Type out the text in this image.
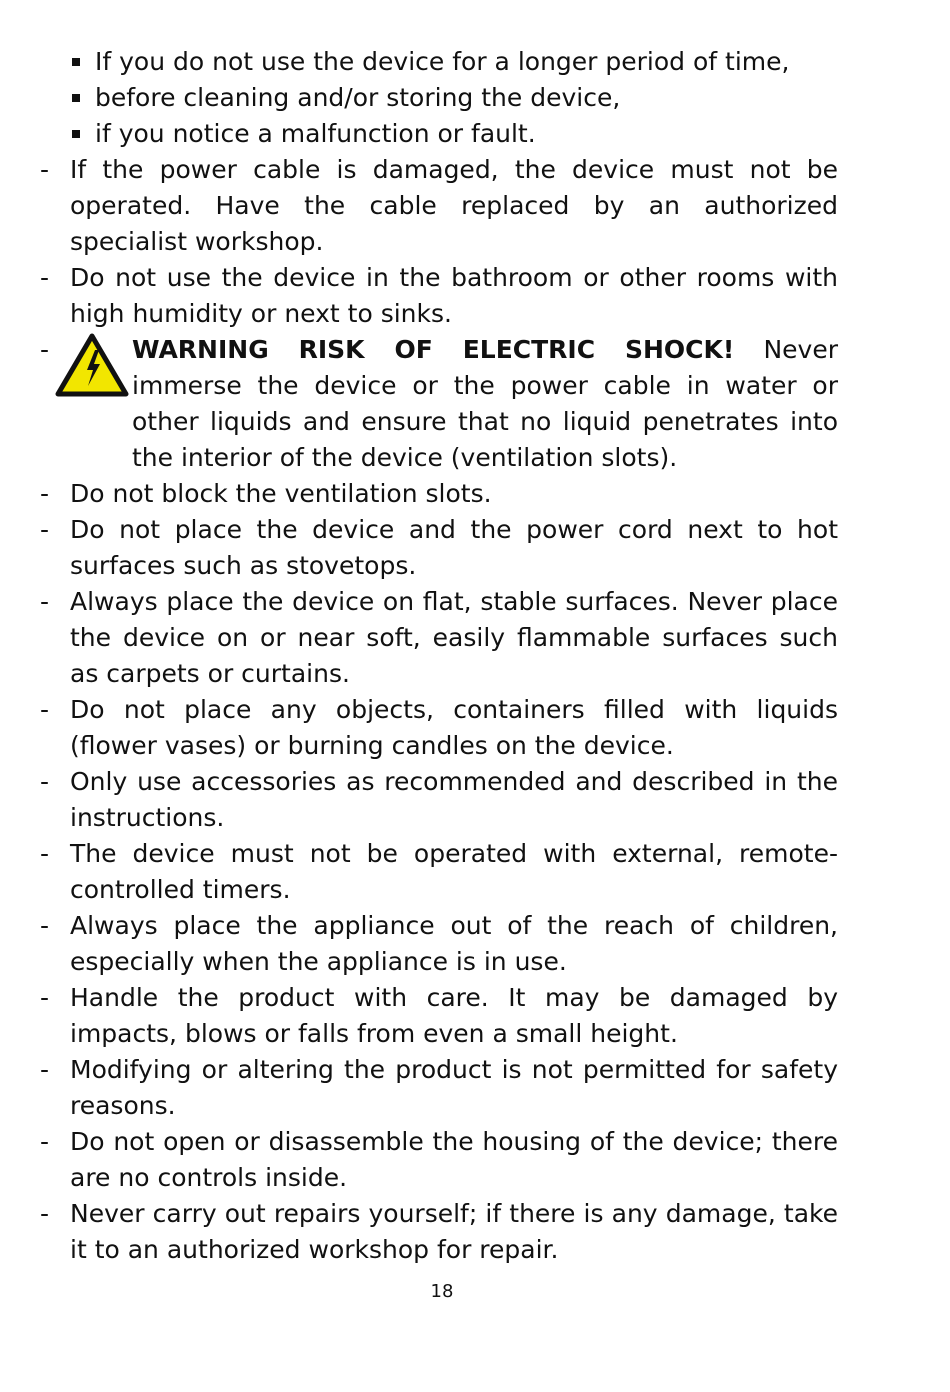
If you do not use the device for a longer period of time,
before cleaning and/or storing the device,
if you notice a malfunction or fault.
- If the power cable is damaged, the device must not be operated. Have the cable replaced by an authorized specialist workshop.
- Do not use the device in the bathroom or other rooms with high humidity or next to sinks.
-	WARNING RISK OF ELECTRIC SHOCK! Never immerse the device or the power cable in water or other liquids and ensure that no liquid penetrates into the interior of the device (ventilation slots).
- Do not block the ventilation slots.
- Do not place the device and the power cord next to hot surfaces such as stovetops.
- Always place the device on flat, stable surfaces. Never place the device on or near soft, easily flammable surfaces such as carpets or curtains.
- Do not place any objects, containers filled with liquids (flower vases) or burning candles on the device.
- Only use accessories as recommended and described in the instructions.
- The device must not be operated with external, remote-controlled timers.
- Always place the appliance out of the reach of children, especially when the appliance is in use.
- Handle the product with care. It may be damaged by impacts, blows or falls from even a small height.
- Modifying or altering the product is not permitted for safety reasons.
- Do not open or disassemble the housing of the device; there are no controls inside.
- Never carry out repairs yourself; if there is any damage, take it to an authorized workshop for repair.
18
